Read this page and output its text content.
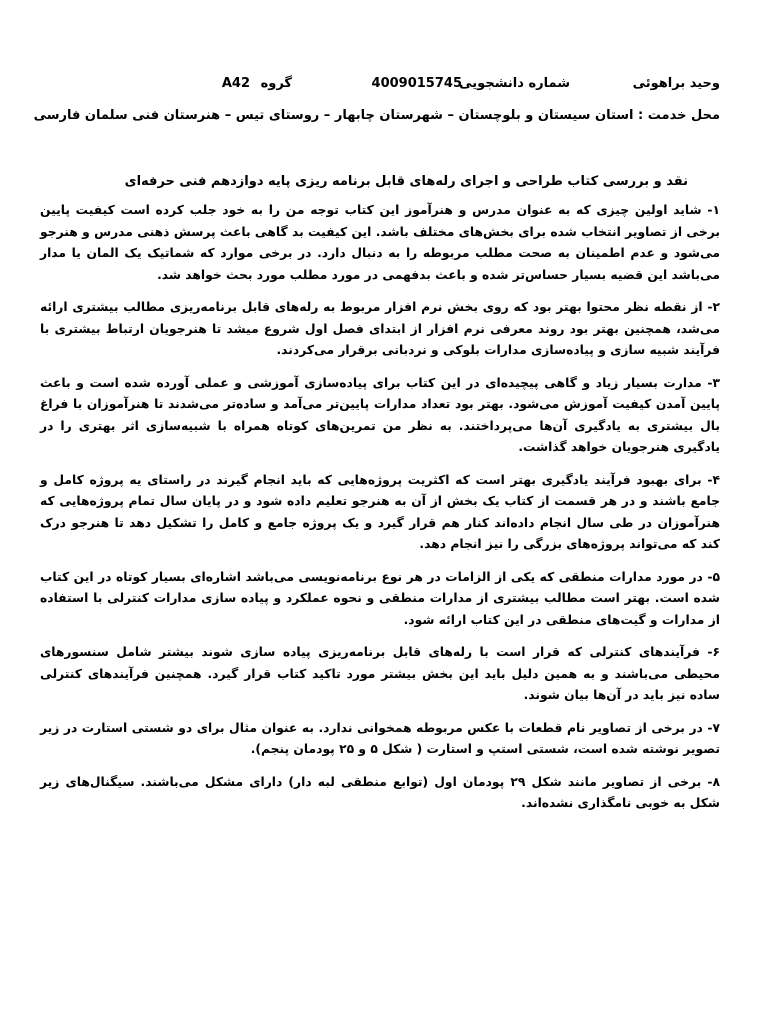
وحید براهوئی
شماره دانشجویی
4009015745
گروه
A42
محل خدمت : استان سیستان و بلوچستان – شهرستان چابهار – روستای تیس – هنرستان فنی سلمان فارسی
نقد و بررسی کتاب طراحی و اجرای رله‌های قابل برنامه ریزی پایه دوازدهم فنی حرفه‌ای

۱- شاید اولین چیزی که به عنوان مدرس و هنرآموز این کتاب توجه من را به خود جلب کرده است کیفیت پایین برخی از تصاویر انتخاب شده برای بخش‌های مختلف باشد. این کیفیت بد گاهی باعث پرسش ذهنی مدرس و هنرجو می‌شود و عدم اطمینان به صحت مطلب مربوطه را به دنبال دارد. در برخی موارد که شماتیک یک المان یا مدار می‌باشد این قضیه بسیار حساس‌تر شده و باعث بدفهمی در مورد مطلب مورد بحث خواهد شد.

۲- از نقطه نظر محتوا بهتر بود که روی بخش نرم افزار مربوط به رله‌های قابل برنامه‌ریزی مطالب بیشتری ارائه می‌شد، همچنین بهتر بود روند معرفی نرم افزار از ابتدای فصل اول شروع میشد تا هنرجویان ارتباط بیشتری با فرآیند شبیه سازی و پیاده‌سازی مدارات بلوکی و نردبانی برقرار می‌کردند.

۳- مدارت بسیار زیاد و گاهی پیچیده‌ای در این کتاب برای پیاده‌سازی آموزشی و عملی آورده شده است و باعث پایین آمدن کیفیت آموزش می‌شود. بهتر بود تعداد مدارات پایین‌تر می‌آمد و ساده‌تر می‌شدند تا هنرآموزان با فراغ بال بیشتری به یادگیری آن‌ها می‌پرداختند. به نظر من تمرین‌های کوتاه همراه با شبیه‌سازی اثر بهتری را در یادگیری هنرجویان خواهد گذاشت.

۴- برای بهبود فرآیند یادگیری بهتر است که اکثریت پروژه‌هایی که باید انجام گیرند در راستای یه پروژه کامل و جامع باشند و در هر قسمت از کتاب یک بخش از آن به هنرجو تعلیم داده شود و در پایان سال تمام پروژه‌هایی که هنرآموزان در طی سال انجام داده‌اند کنار هم قرار گیرد و یک پروژه جامع و کامل را تشکیل دهد تا هنرجو درک کند که می‌تواند پروژه‌های بزرگی را نیز انجام دهد.

۵- در مورد مدارات منطقی که یکی از الزامات در هر نوع برنامه‌نویسی می‌باشد اشاره‌ای بسیار کوتاه در این کتاب شده است. بهتر است مطالب بیشتری از مدارات منطقی و نحوه عملکرد و پیاده سازی مدارات کنترلی با استفاده از مدارات و گیت‌های منطقی در این کتاب ارائه شود.

۶- فرآیندهای کنترلی که قرار است با رله‌های قابل برنامه‌ریزی پیاده سازی شوند بیشتر شامل سنسورهای محیطی می‌باشند و به همین دلیل باید این بخش بیشتر مورد تاکید کتاب قرار گیرد. همچنین فرآیندهای کنترلی ساده نیز باید در آن‌ها بیان شوند.

۷- در برخی از تصاویر نام قطعات با عکس مربوطه همخوانی ندارد. به عنوان مثال برای دو شستی استارت در زیر تصویر نوشته شده است، شستی استپ و استارت ( شکل ۵ و ۲۵ پودمان پنجم).

۸- برخی از تصاویر مانند شکل ۲۹ پودمان اول (توابع منطقی لبه دار) دارای مشکل می‌باشند. سیگنال‌های زیر شکل به خوبی نامگذاری نشده‌اند.
